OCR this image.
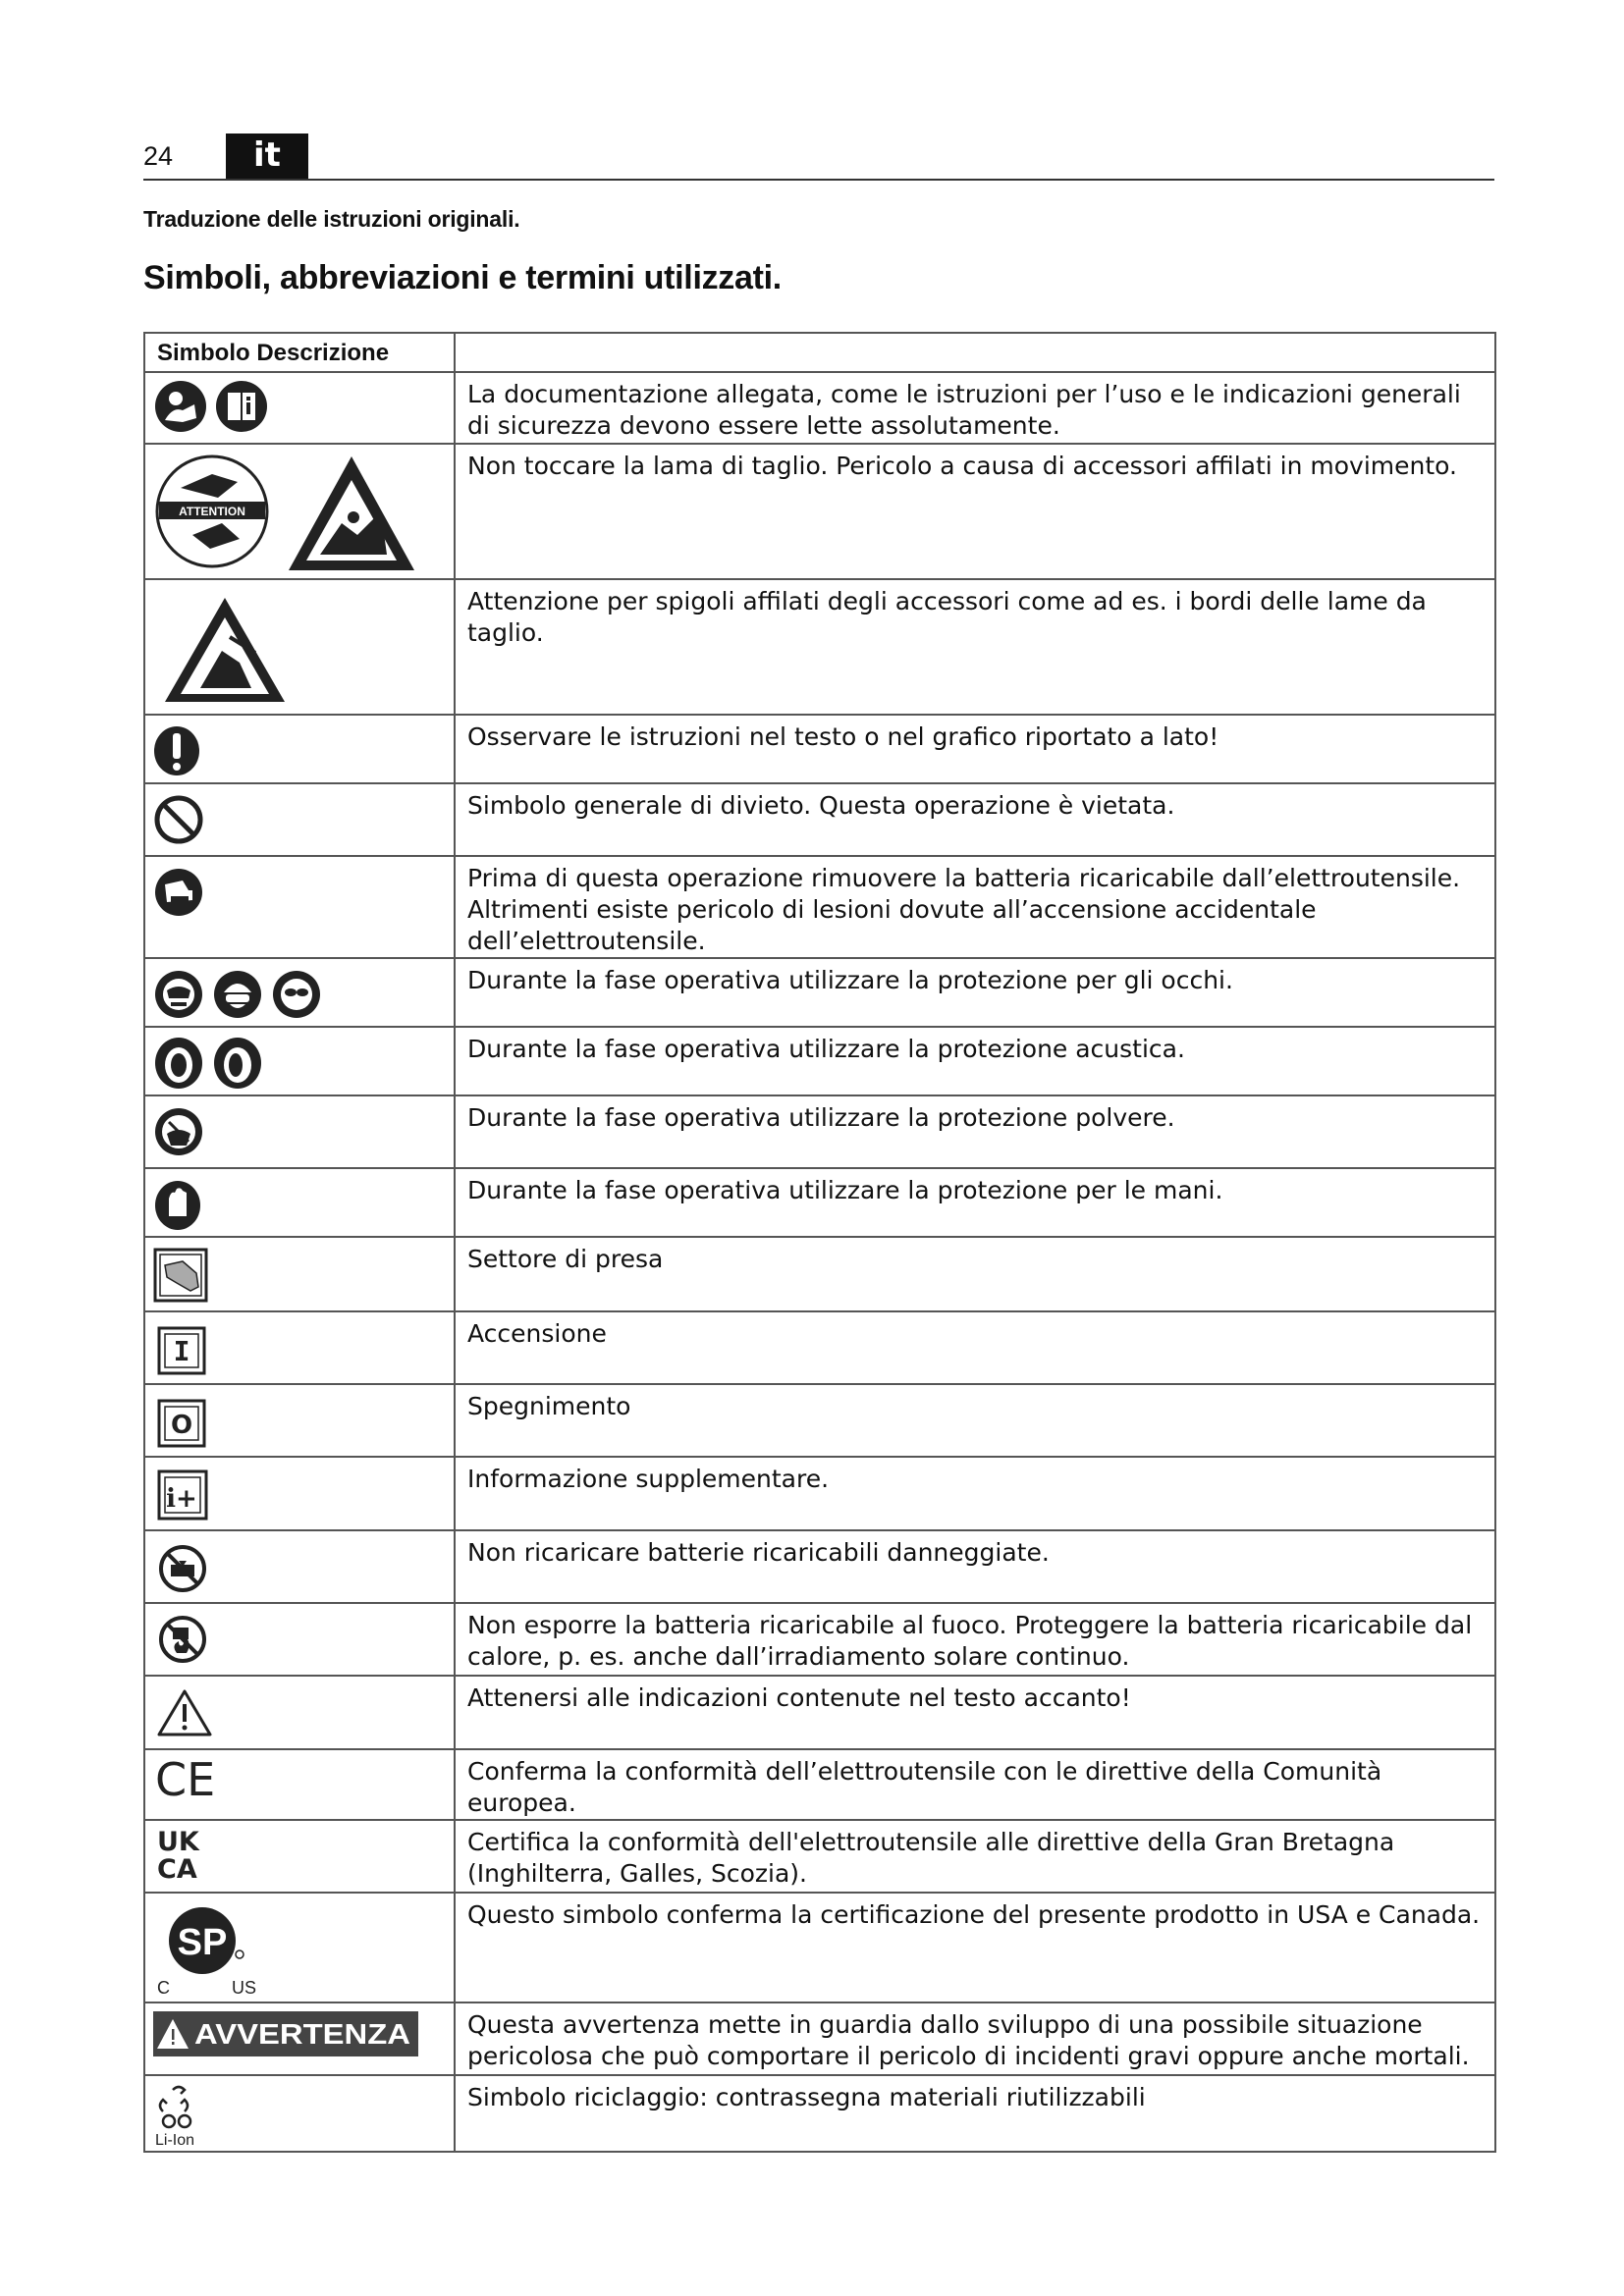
24	it
Traduzione delle istruzioni originali.
Simboli, abbreviazioni e termini utilizzati.
Simbolo Descrizione	

	La documentazione allegata, come le istruzioni per l’uso e le indicazioni generali di sicurezza devono essere lette assolutamente.

ATTENTION	Non toccare la lama di taglio. Pericolo a causa di accessori affilati in movimento.

	Attenzione per spigoli affilati degli accessori come ad es. i bordi delle lame da taglio.

	Osservare le istruzioni nel testo o nel grafico riportato a lato!

	Simbolo generale di divieto. Questa operazione è vietata.

	Prima di questa operazione rimuovere la batteria ricaricabile dall’elettroutensile. Altrimenti esiste pericolo di lesioni dovute all’accensione accidentale dell’elettroutensile.

	Durante la fase operativa utilizzare la protezione per gli occhi.

	Durante la fase operativa utilizzare la protezione acustica.

	Durante la fase operativa utilizzare la protezione polvere.

	Durante la fase operativa utilizzare la protezione per le mani.

	Settore di presa

I	Accensione

O	Spegnimento

i+	Informazione supplementare.

	Non ricaricare batterie ricaricabili danneggiate.

	Non esporre la batteria ricaricabile al fuoco. Proteggere la batteria ricaricabile dal calore, p. es. anche dall’irradiamento solare continuo.

	Attenersi alle indicazioni contenute nel testo accanto!

CE	Conferma la conformità dell’elettroutensile con le direttive della Comunità europea.

UK
CA	Certifica la conformità dell'elettroutensile alle direttive della Gran Bretagna (Inghilterra, Galles, Scozia).

SP
C US	Questo simbolo conferma la certificazione del presente prodotto in USA e Canada.

AVVERTENZA	Questa avvertenza mette in guardia dallo sviluppo di una possibile situazione pericolosa che può comportare il pericolo di incidenti gravi oppure anche mortali.

Li-Ion	Simbolo riciclaggio: contrassegna materiali riutilizzabili
